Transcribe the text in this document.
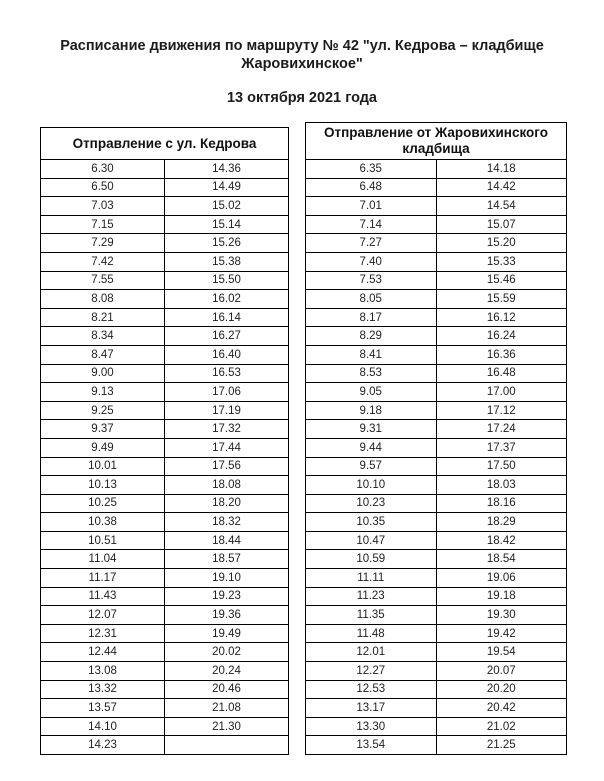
Расписание движения по маршруту № 42 "ул. Кедрова – кладбище
Жаровихинское"
13 октября 2021 года
Отправление с ул. Кедрова	
6.30	14.36
6.50	14.49
7.03	15.02
7.15	15.14
7.29	15.26
7.42	15.38
7.55	15.50
8.08	16.02
8.21	16.14
8.34	16.27
8.47	16.40
9.00	16.53
9.13	17.06
9.25	17.19
9.37	17.32
9.49	17.44
10.01	17.56
10.13	18.08
10.25	18.20
10.38	18.32
10.51	18.44
11.04	18.57
11.17	19.10
11.43	19.23
12.07	19.36
12.31	19.49
12.44	20.02
13.08	20.24
13.32	20.46
13.57	21.08
14.10	21.30
14.23	
Отправление от Жаровихинского кладбища	
6.35	14.18
6.48	14.42
7.01	14.54
7.14	15.07
7.27	15.20
7.40	15.33
7.53	15.46
8.05	15.59
8.17	16.12
8.29	16.24
8.41	16.36
8.53	16.48
9.05	17.00
9.18	17.12
9.31	17.24
9.44	17.37
9.57	17.50
10.10	18.03
10.23	18.16
10.35	18.29
10.47	18.42
10.59	18.54
11.11	19.06
11.23	19.18
11.35	19.30
11.48	19.42
12.01	19.54
12.27	20.07
12.53	20.20
13.17	20.42
13.30	21.02
13.54	21.25
